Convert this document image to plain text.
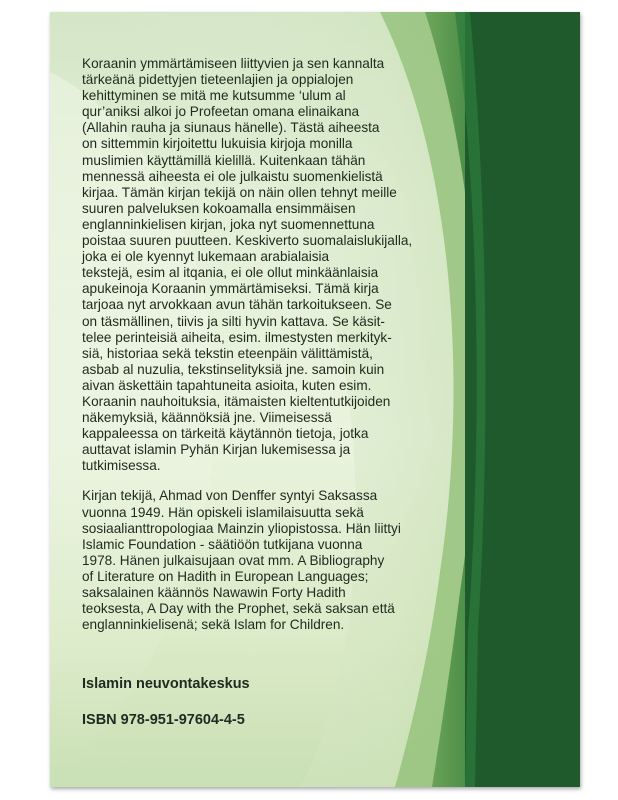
Koraanin ymmärtämiseen liittyvien ja sen kannalta
tärkeänä pidettyjen tieteenlajien ja oppialojen
kehittyminen se mitä me kutsumme ‘ulum al
qur’aniksi alkoi jo Profeetan omana elinaikana
(Allahin rauha ja siunaus hänelle). Tästä aiheesta
on sittemmin kirjoitettu lukuisia kirjoja monilla
muslimien käyttämillä kielillä. Kuitenkaan tähän
mennessä aiheesta ei ole julkaistu suomenkielistä
kirjaa. Tämän kirjan tekijä on näin ollen tehnyt meille
suuren palveluksen kokoamalla ensimmäisen
englanninkielisen kirjan, joka nyt suomennettuna
poistaa suuren puutteen. Keskiverto suomalaislukijalla,
joka ei ole kyennyt lukemaan arabialaisia
tekstejä, esim al itqania, ei ole ollut minkäänlaisia
apukeinoja Koraanin ymmärtämiseksi. Tämä kirja
tarjoaa nyt arvokkaan avun tähän tarkoitukseen. Se
on täsmällinen, tiivis ja silti hyvin kattava. Se käsit-
telee perinteisiä aiheita, esim. ilmestysten merkityk-
siä, historiaa sekä tekstin eteenpäin välittämistä,
asbab al nuzulia, tekstinselityksiä jne. samoin kuin
aivan äskettäin tapahtuneita asioita, kuten esim.
Koraanin nauhoituksia, itämaisten kieltentutkijoiden
näkemyksiä, käännöksiä jne. Viimeisessä
kappaleessa on tärkeitä käytännön tietoja, jotka
auttavat islamin Pyhän Kirjan lukemisessa ja
tutkimisessa.

Kirjan tekijä, Ahmad von Denffer syntyi Saksassa
vuonna 1949. Hän opiskeli islamilaisuutta sekä
sosiaalianttropologiaa Mainzin yliopistossa. Hän liittyi
Islamic Foundation - säätiöön tutkijana vuonna
1978. Hänen julkaisujaan ovat mm. A Bibliography
of Literature on Hadith in European Languages;
saksalainen käännös Nawawin Forty Hadith
teoksesta, A Day with the Prophet, sekä saksan että
englanninkielisenä; sekä Islam for Children.

Islamin neuvontakeskus
ISBN 978-951-97604-4-5
